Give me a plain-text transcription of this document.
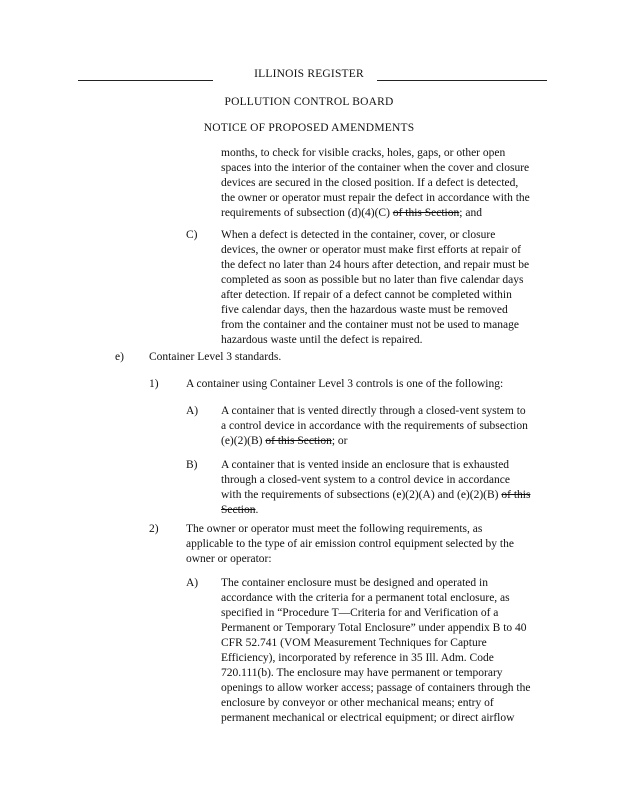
ILLINOIS REGISTER
POLLUTION CONTROL BOARD
NOTICE OF PROPOSED AMENDMENTS
months, to check for visible cracks, holes, gaps, or other open
spaces into the interior of the container when the cover and closure
devices are secured in the closed position. If a defect is detected,
the owner or operator must repair the defect in accordance with the
requirements of subsection (d)(4)(C) of this Section; and
C) When a defect is detected in the container, cover, or closure
devices, the owner or operator must make first efforts at repair of
the defect no later than 24 hours after detection, and repair must be
completed as soon as possible but no later than five calendar days
after detection. If repair of a defect cannot be completed within
five calendar days, then the hazardous waste must be removed
from the container and the container must not be used to manage
hazardous waste until the defect is repaired.
e) Container Level 3 standards.
1) A container using Container Level 3 controls is one of the following:
A) A container that is vented directly through a closed-vent system to
a control device in accordance with the requirements of subsection
(e)(2)(B) of this Section; or
B) A container that is vented inside an enclosure that is exhausted
through a closed-vent system to a control device in accordance
with the requirements of subsections (e)(2)(A) and (e)(2)(B) of this
Section.
2) The owner or operator must meet the following requirements, as
applicable to the type of air emission control equipment selected by the
owner or operator:
A) The container enclosure must be designed and operated in
accordance with the criteria for a permanent total enclosure, as
specified in “Procedure T—Criteria for and Verification of a
Permanent or Temporary Total Enclosure” under appendix B to 40
CFR 52.741 (VOM Measurement Techniques for Capture
Efficiency), incorporated by reference in 35 Ill. Adm. Code
720.111(b). The enclosure may have permanent or temporary
openings to allow worker access; passage of containers through the
enclosure by conveyor or other mechanical means; entry of
permanent mechanical or electrical equipment; or direct airflow
